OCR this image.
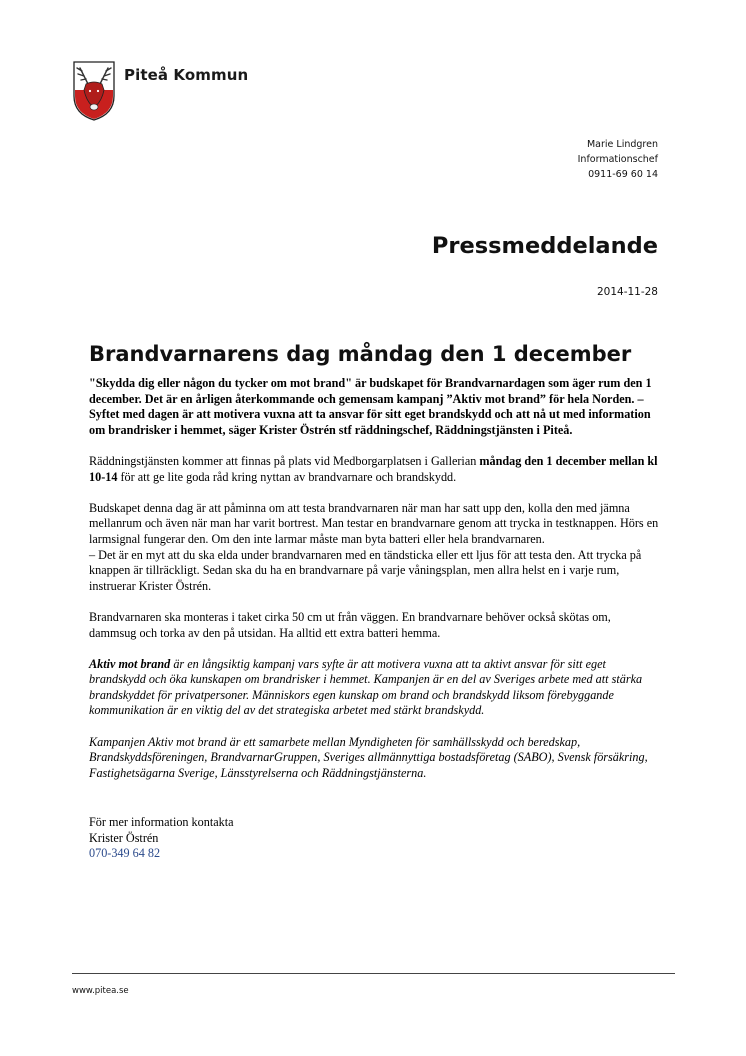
Piteå Kommun
Marie Lindgren
Informationschef
0911-69 60 14
Pressmeddelande
2014-11-28
Brandvarnarens dag måndag den 1 december

"Skydda dig eller någon du tycker om mot brand" är budskapet för Brandvarnardagen som äger rum den 1 december. Det är en årligen återkommande och gemensam kampanj ”Aktiv mot brand” för hela Norden. – Syftet med dagen är att motivera vuxna att ta ansvar för sitt eget brandskydd och att nå ut med information om brandrisker i hemmet, säger Krister Östrén stf räddningschef, Räddningstjänsten i Piteå.

Räddningstjänsten kommer att finnas på plats vid Medborgarplatsen i Gallerian måndag den 1 december mellan kl 10-14 för att ge lite goda råd kring nyttan av brandvarnare och brandskydd.

Budskapet denna dag är att påminna om att testa brandvarnaren när man har satt upp den, kolla den med jämna mellanrum och även när man har varit bortrest. Man testar en brandvarnare genom att trycka in testknappen. Hörs en larmsignal fungerar den. Om den inte larmar måste man byta batteri eller hela brandvarnaren.
– Det är en myt att du ska elda under brandvarnaren med en tändsticka eller ett ljus för att testa den. Att trycka på knappen är tillräckligt. Sedan ska du ha en brandvarnare på varje våningsplan, men allra helst en i varje rum, instruerar Krister Östrén.

Brandvarnaren ska monteras i taket cirka 50 cm ut från väggen. En brandvarnare behöver också skötas om, dammsug och torka av den på utsidan. Ha alltid ett extra batteri hemma.

Aktiv mot brand är en långsiktig kampanj vars syfte är att motivera vuxna att ta aktivt ansvar för sitt eget brandskydd och öka kunskapen om brandrisker i hemmet. Kampanjen är en del av Sveriges arbete med att stärka brandskyddet för privatpersoner. Människors egen kunskap om brand och brandskydd liksom förebyggande kommunikation är en viktig del av det strategiska arbetet med stärkt brandskydd.

Kampanjen Aktiv mot brand är ett samarbete mellan Myndigheten för samhällsskydd och beredskap, Brandskyddsföreningen, BrandvarnarGruppen, Sveriges allmännyttiga bostadsföretag (SABO), Svensk försäkring, Fastighetsägarna Sverige, Länsstyrelserna och Räddningstjänsterna.

För mer information kontakta
Krister Östrén
070-349 64 82
www.pitea.se
